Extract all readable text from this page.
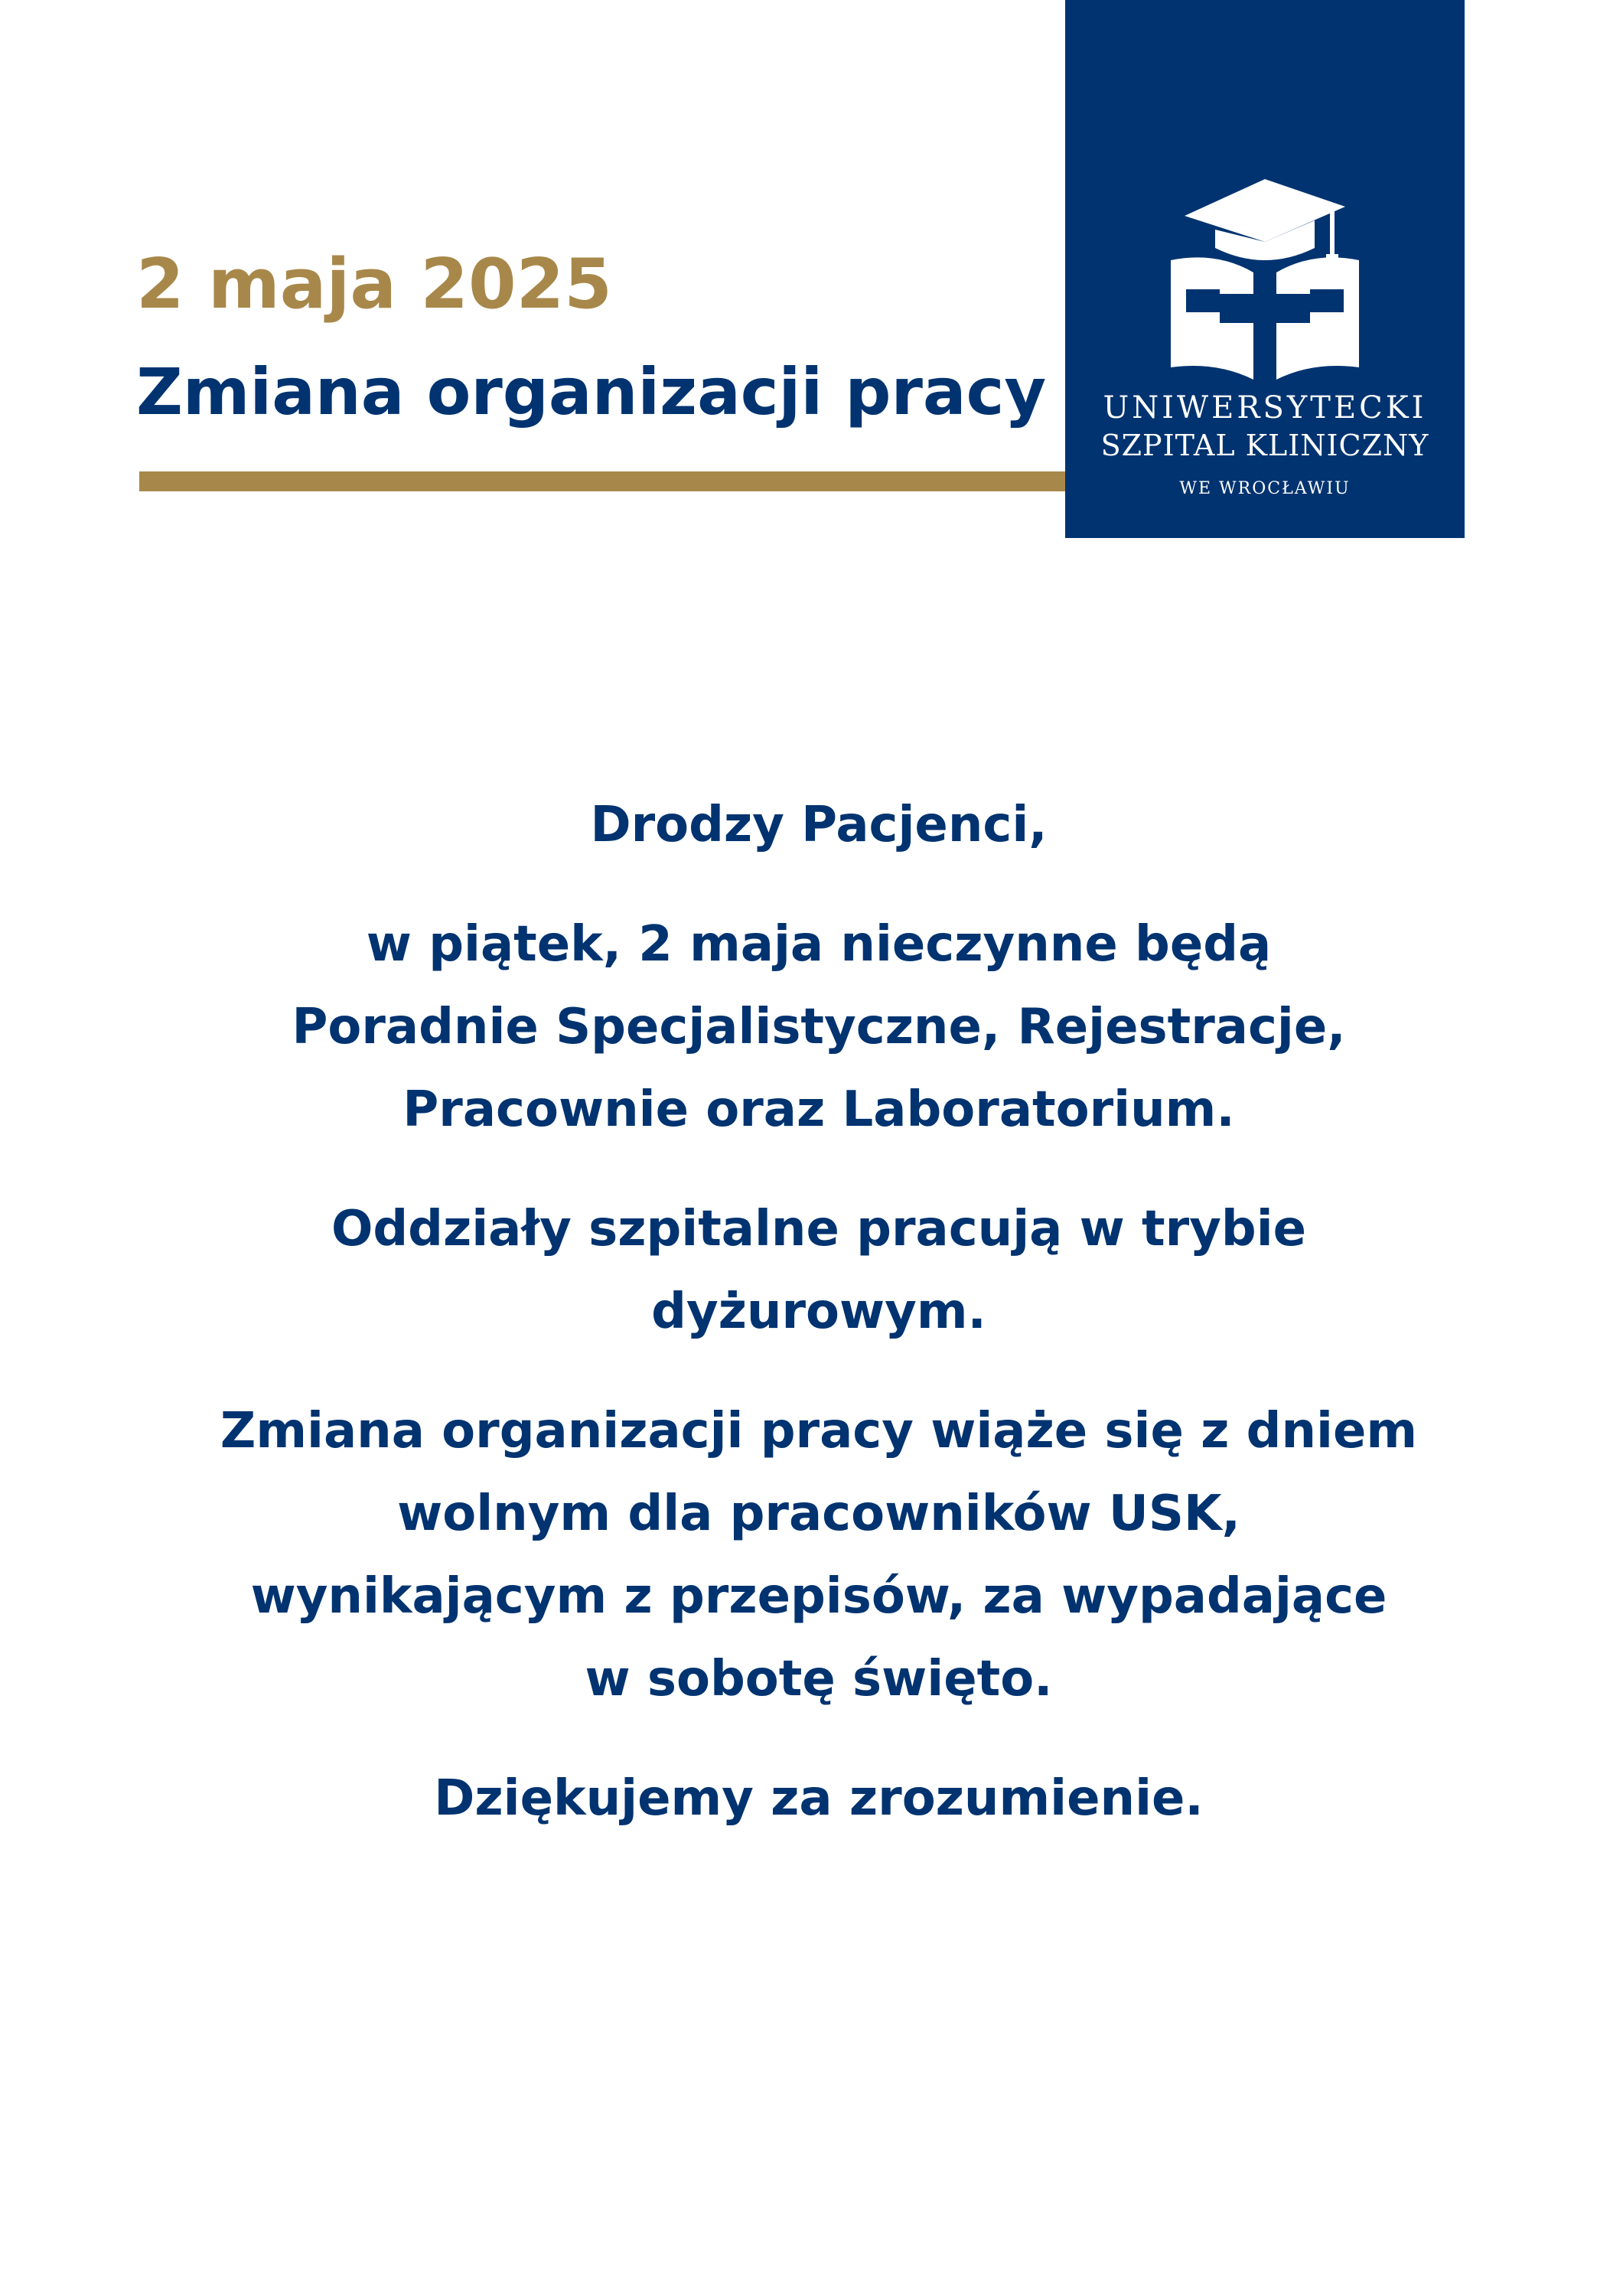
2 maja 2025
Zmiana organizacji pracy	UNIWERSYTECKI
SZPITAL KLINICZNY
WE WROCŁAWIU

Drodzy Pacjenci,

w piątek, 2 maja nieczynne będą
Poradnie Specjalistyczne, Rejestracje,
Pracownie oraz Laboratorium.

Oddziały szpitalne pracują w trybie
dyżurowym.

Zmiana organizacji pracy wiąże się z dniem
wolnym dla pracowników USK,
wynikającym z przepisów, za wypadające
w sobotę święto.

Dziękujemy za zrozumienie.
